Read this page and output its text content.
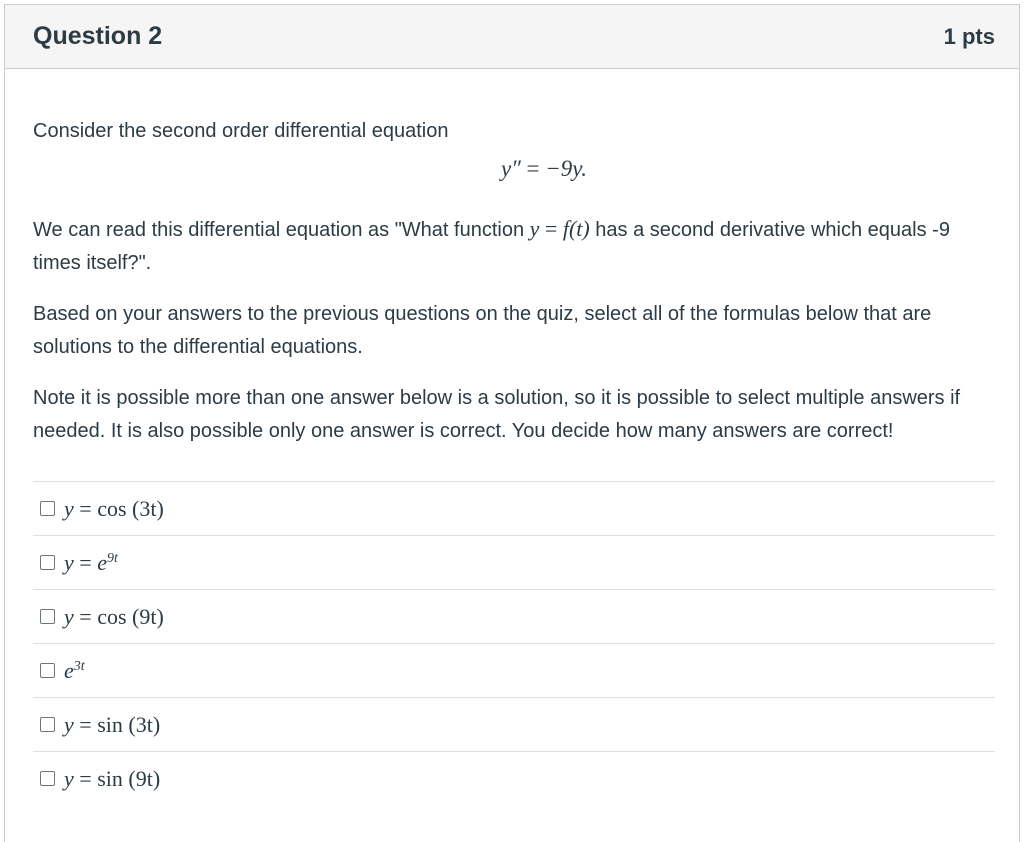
Question 2	1 pts

Consider the second order differential equation

y″ = −9y.

We can read this differential equation as "What function y = f(t) has a second derivative which equals -9 times itself?".

Based on your answers to the previous questions on the quiz, select all of the formulas below that are solutions to the differential equations.

Note it is possible more than one answer below is a solution, so it is possible to select multiple answers if needed. It is also possible only one answer is correct. You decide how many answers are correct!

y = cos (3t)
$y = e^{9t}$
y = cos (9t)
$e^{3t}$
y = sin (3t)
y = sin (9t)
